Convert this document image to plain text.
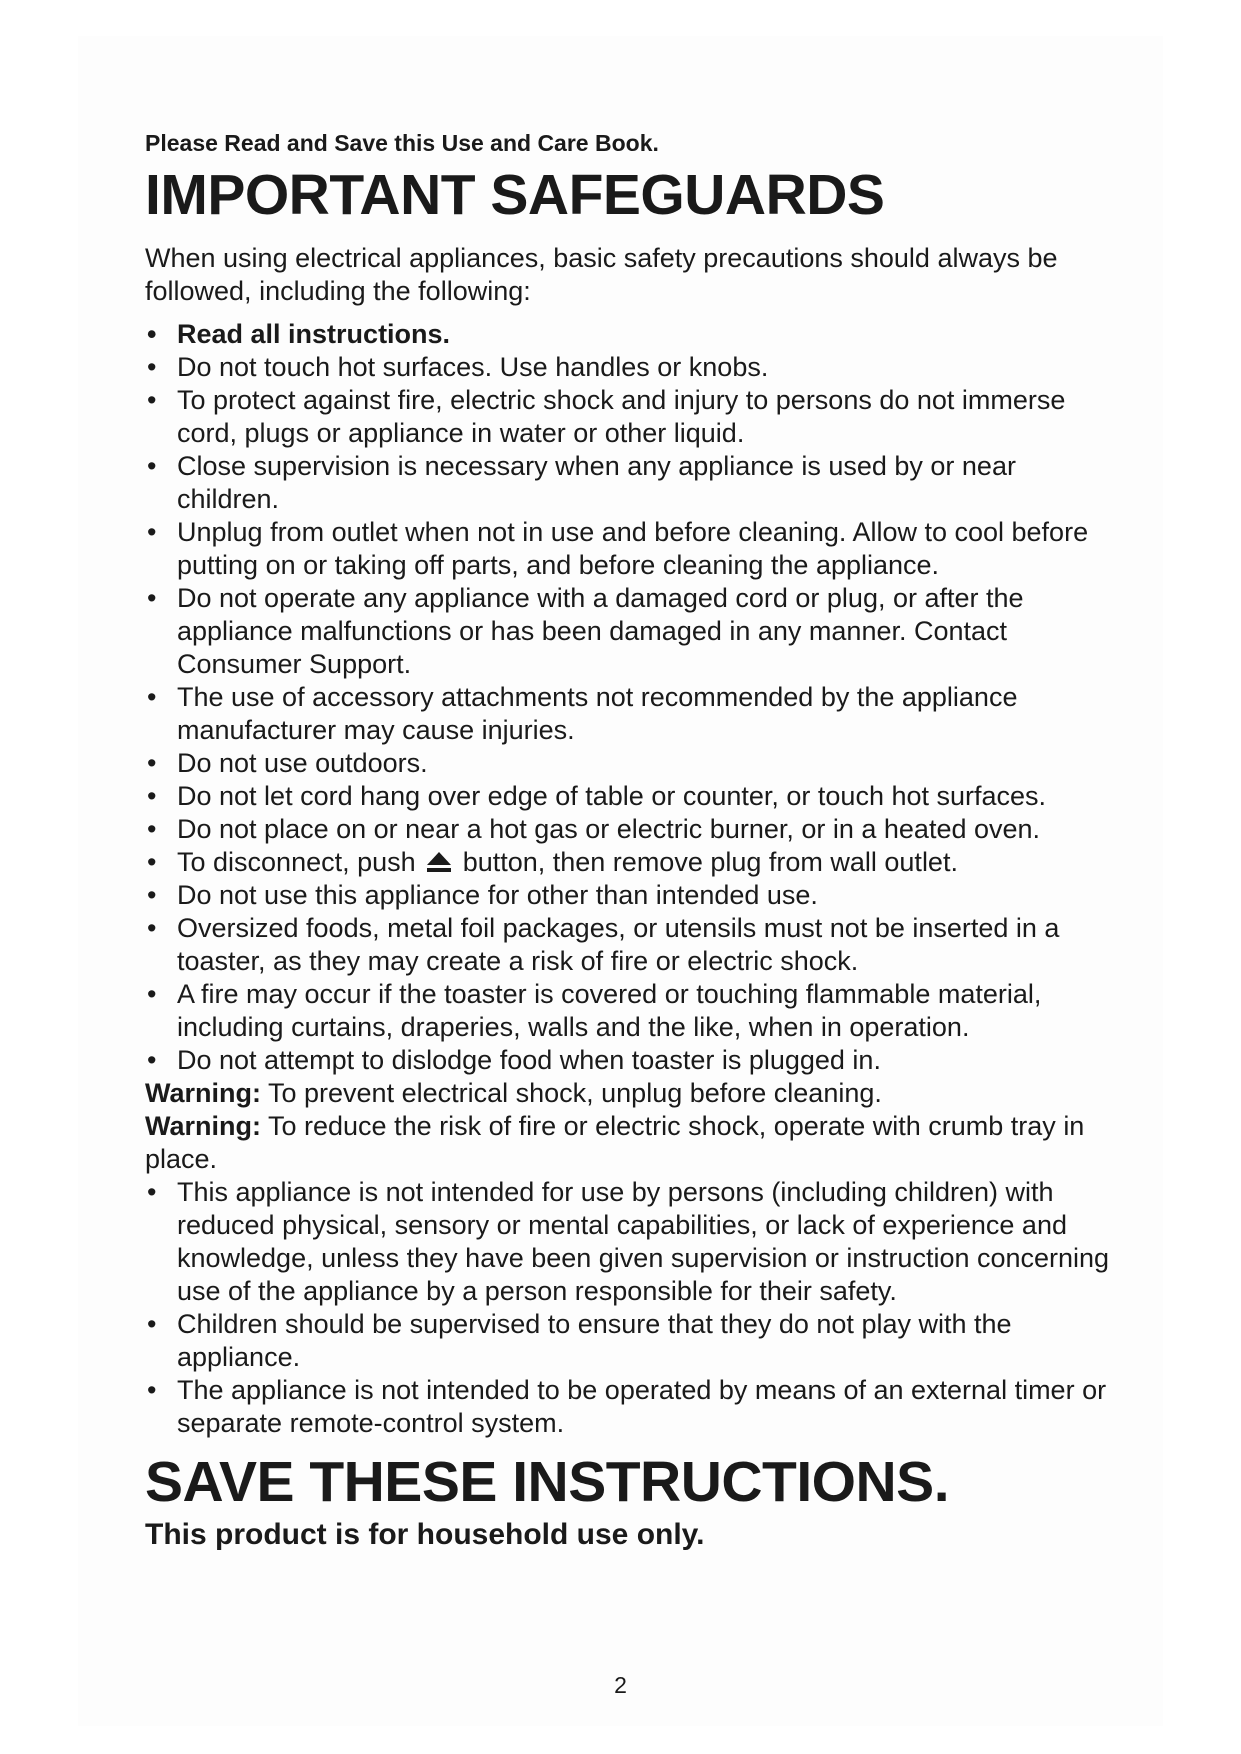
Please Read and Save this Use and Care Book.

IMPORTANT SAFEGUARDS

When using electrical appliances, basic safety precautions should always be followed, including the following:

• Read all instructions.
• Do not touch hot surfaces. Use handles or knobs.
• To protect against fire, electric shock and injury to persons do not immerse cord, plugs or appliance in water or other liquid.
• Close supervision is necessary when any appliance is used by or near children.
• Unplug from outlet when not in use and before cleaning. Allow to cool before putting on or taking off parts, and before cleaning the appliance.
• Do not operate any appliance with a damaged cord or plug, or after the appliance malfunctions or has been damaged in any manner. Contact Consumer Support.
• The use of accessory attachments not recommended by the appliance manufacturer may cause injuries.
• Do not use outdoors.
• Do not let cord hang over edge of table or counter, or touch hot surfaces.
• Do not place on or near a hot gas or electric burner, or in a heated oven.
• To disconnect, push button, then remove plug from wall outlet.
• Do not use this appliance for other than intended use.
• Oversized foods, metal foil packages, or utensils must not be inserted in a toaster, as they may create a risk of fire or electric shock.
• A fire may occur if the toaster is covered or touching flammable material, including curtains, draperies, walls and the like, when in operation.
• Do not attempt to dislodge food when toaster is plugged in.

Warning: To prevent electrical shock, unplug before cleaning.

Warning: To reduce the risk of fire or electric shock, operate with crumb tray in place.

• This appliance is not intended for use by persons (including children) with reduced physical, sensory or mental capabilities, or lack of experience and knowledge, unless they have been given supervision or instruction concerning use of the appliance by a person responsible for their safety.
• Children should be supervised to ensure that they do not play with the appliance.
• The appliance is not intended to be operated by means of an external timer or separate remote-control system.
SAVE THESE INSTRUCTIONS.

This product is for household use only.

2
